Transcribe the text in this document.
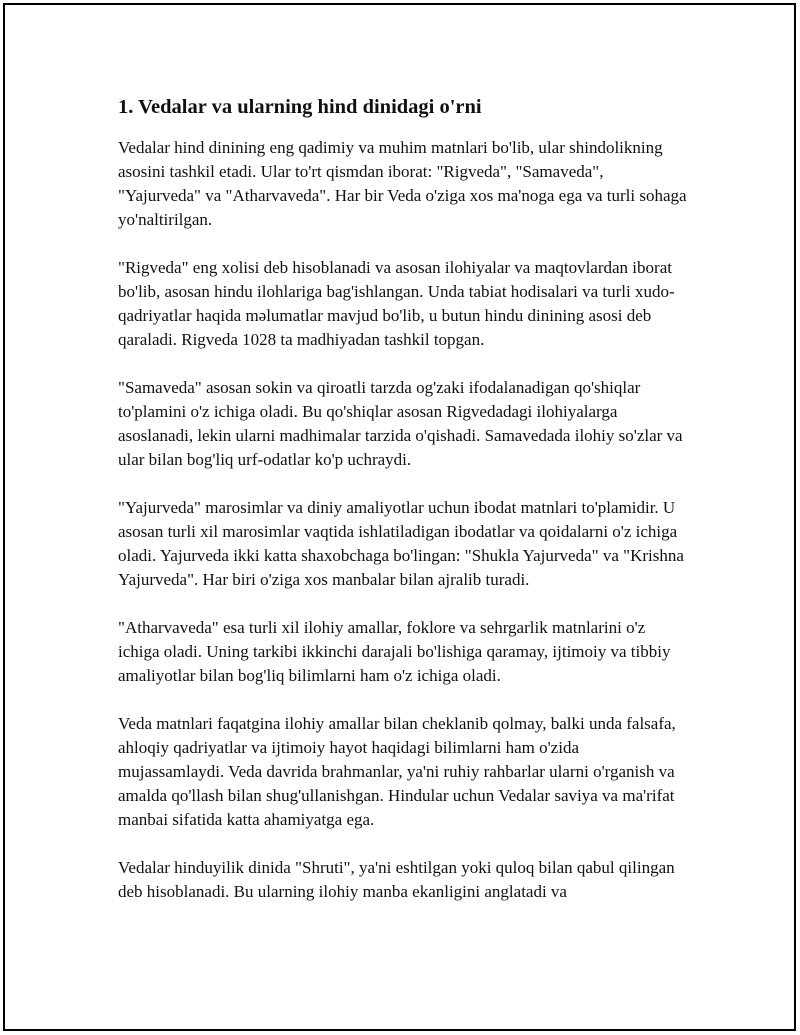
1. Vedalar va ularning hind dinidagi o'rni

Vedalar hind dinining eng qadimiy va muhim matnlari bo'lib, ular shindolikning asosini tashkil etadi. Ular to'rt qismdan iborat: "Rigveda", "Samaveda", "Yajurveda" va "Atharvaveda". Har bir Veda o'ziga xos ma'noga ega va turli sohaga yo'naltirilgan.

"Rigveda" eng xolisi deb hisoblanadi va asosan ilohiyalar va maqtovlardan iborat bo'lib, asosan hindu ilohlariga bag'ishlangan. Unda tabiat hodisalari va turli xudo-qadriyatlar haqida məlumatlar mavjud bo'lib, u butun hindu dinining asosi deb qaraladi. Rigveda 1028 ta madhiyadan tashkil topgan.

"Samaveda" asosan sokin va qiroatli tarzda og'zaki ifodalanadigan qo'shiqlar to'plamini o'z ichiga oladi. Bu qo'shiqlar asosan Rigvedadagi ilohiyalarga asoslanadi, lekin ularni madhimalar tarzida o'qishadi. Samavedada ilohiy so'zlar va ular bilan bog'liq urf-odatlar ko'p uchraydi.

"Yajurveda" marosimlar va diniy amaliyotlar uchun ibodat matnlari to'plamidir. U asosan turli xil marosimlar vaqtida ishlatiladigan ibodatlar va qoidalarni o'z ichiga oladi. Yajurveda ikki katta shaxobchaga bo'lingan: "Shukla Yajurveda" va "Krishna Yajurveda". Har biri o'ziga xos manbalar bilan ajralib turadi.

"Atharvaveda" esa turli xil ilohiy amallar, foklore va sehrgarlik matnlarini o'z ichiga oladi. Uning tarkibi ikkinchi darajali bo'lishiga qaramay, ijtimoiy va tibbiy amaliyotlar bilan bog'liq bilimlarni ham o'z ichiga oladi.

Veda matnlari faqatgina ilohiy amallar bilan cheklanib qolmay, balki unda falsafa, ahloqiy qadriyatlar va ijtimoiy hayot haqidagi bilimlarni ham o'zida mujassamlaydi. Veda davrida brahmanlar, ya'ni ruhiy rahbarlar ularni o'rganish va amalda qo'llash bilan shug'ullanishgan. Hindular uchun Vedalar saviya va ma'rifat manbai sifatida katta ahamiyatga ega.

Vedalar hinduyilik dinida "Shruti", ya'ni eshtilgan yoki quloq bilan qabul qilingan deb hisoblanadi. Bu ularning ilohiy manba ekanligini anglatadi va
